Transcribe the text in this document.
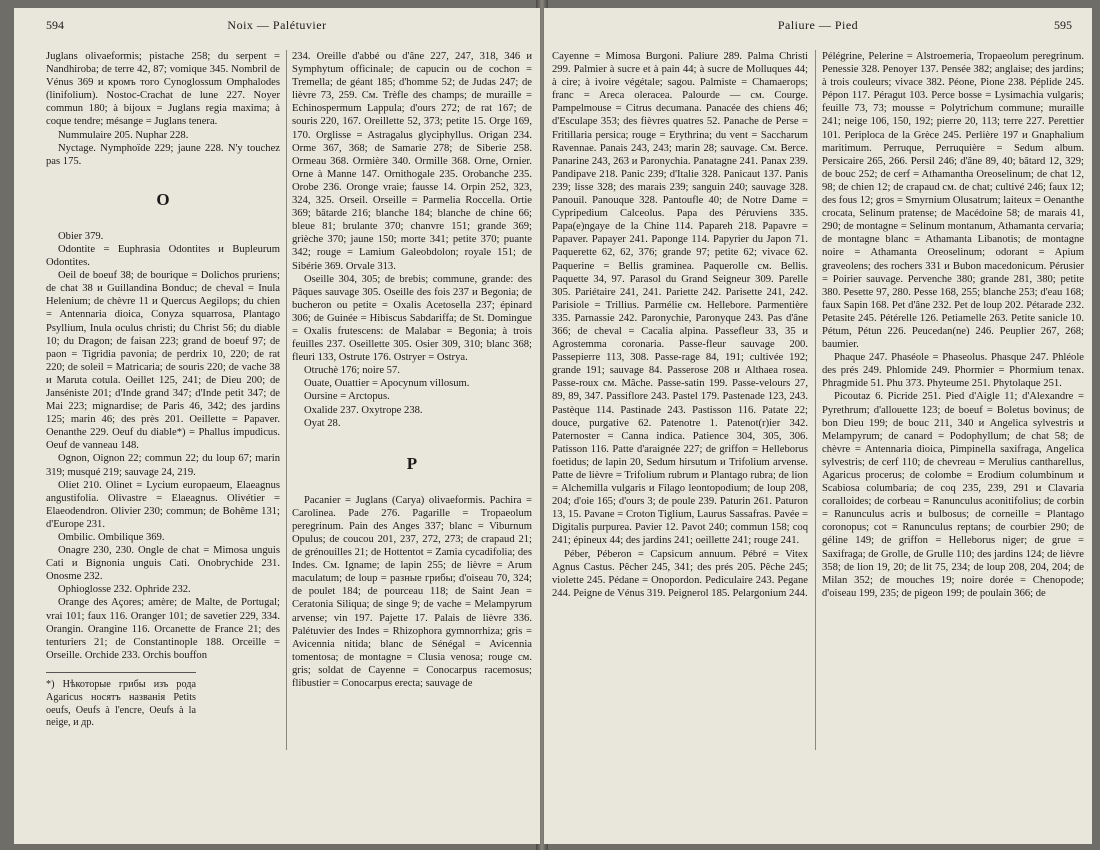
594	Noix — Palétuvier

Juglans olivaeformis; pistache 258; du serpent = Nandhiroba; de terre 42, 87; vomique 345. Nombril de Vénus 369 и кромъ того Cynoglossum Omphalodes (linifolium). Nostoc-Crachat de lune 227. Noyer commun 180; à bijoux = Juglans regia maxima; à coque tendre; mésange = Juglans tenera.

Nummulaire 205. Nuphar 228.

Nyctage. Nymphoïde 229; jaune 228. N'y touchez pas 175.

O

Obier 379.

Odontite = Euphrasia Odontites и Bupleurum Odontites.

Oeil de boeuf 38; de bourique = Dolichos pruriens; de chat 38 и Guillandina Bonduc; de cheval = Inula Helenium; de chèvre 11 и Quercus Aegilops; du chien = Antennaria dioica, Conyza squarrosa, Plantago Psyllium, Inula oculus christi; du Christ 56; du diable 10; du Dragon; de faisan 223; grand de boeuf 97; de paon = Tigridia pavonia; de perdrix 10, 220; de rat 220; de soleil = Matricaria; de souris 220; de vache 38 и Maruta cotula. Oeillet 125, 241; de Dieu 200; de Janséniste 201; d'Inde grand 347; d'Inde petit 347; de Mai 223; mignardise; de Paris 46, 342; des jardins 125; marin 46; des près 201. Oeillette = Papaver. Oenanthe 229. Oeuf du diable*) = Phallus impudicus. Oeuf de vanneau 148.

Ognon, Oignon 22; commun 22; du loup 67; marin 319; musqué 219; sauvage 24, 219.

Oliet 210. Olinet = Lycium europaeum, Elaeagnus angustifolia. Olivastre = Elaeagnus. Olivétier = Elaeodendron. Olivier 230; commun; de Bohême 131; d'Europe 231.

Ombilic. Ombilique 369.

Onagre 230, 230. Ongle de chat = Mimosa unguis Cati и Bignonia unguis Cati. Onobrychide 231. Onosme 232.

Ophioglosse 232. Ophride 232.

Orange des Açores; amère; de Malte, de Portugal; vrai 101; faux 116. Oranger 101; de savetier 229, 334. Orangin. Orangine 116. Orcanette de France 21; des tenturiers 21; de Constantinople 188. Orceille = Orseille. Orchide 233. Orchis bouffon

*) Нѣкоторые грибы изъ рода Agaricus носятъ названія Petits oeufs, Oeufs à l'encre, Oeufs à la neige, и др.

234. Oreille d'abbé ou d'âne 227, 247, 318, 346 и Symphytum officinale; de capucin ou de cochon = Tremella; de géant 185; d'homme 52; de Judas 247; de lièvre 73, 259. См. Trèfle des champs; de muraille = Echinospermum Lappula; d'ours 272; de rat 167; de souris 220, 167. Oreillette 52, 373; petite 15. Orge 169, 170. Orglisse = Astragalus glyciphyllus. Origan 234. Orme 367, 368; de Samarie 278; de Siberie 258. Ormeau 368. Ormière 340. Ormille 368. Orne, Ornier. Orne à Manne 147. Ornithogale 235. Orobanche 235. Orobe 236. Oronge vraie; fausse 14. Orpin 252, 323, 324, 325. Orseil. Orseille = Parmelia Roccella. Ortie 369; bâtarde 216; blanche 184; blanche de chine 66; bleue 81; brulante 370; chanvre 151; grande 369; grièche 370; jaune 150; morte 341; petite 370; puante 342; rouge = Lamium Galeobdolon; royale 151; de Sibérie 369. Orvale 313.

Oseille 304, 305; de brebis; commune, grande: des Pâques sauvage 305. Oseille des fois 237 и Begonia; de bucheron ou petite = Oxalis Acetosella 237; épinard 306; de Guinée = Hibiscus Sabdariffa; de St. Domingue = Oxalis frutescens: de Malabar = Begonia; à trois feuilles 237. Oseillette 305. Osier 309, 310; blanc 368; fleuri 133, Ostrute 176. Ostryer = Ostrya.

Otruchè 176; noire 57.

Ouate, Ouattier = Apocynum villosum.

Oursine = Arctopus.

Oxalide 237. Oxytrope 238.

Oyat 28.

P

Pacanier = Juglans (Carya) olivaeformis. Pachira = Carolinea. Pade 276. Pagarille = Tropaeolum peregrinum. Pain des Anges 337; blanc = Viburnum Opulus; de coucou 201, 237, 272, 273; de crapaud 21; de grénouilles 21; de Hottentot = Zamia cycadifolia; des Indes. См. Igname; de lapin 255; de lièvre = Arum maculatum; de loup = разные грибы; d'oiseau 70, 324; de poulet 184; de pourceau 118; de Saint Jean = Ceratonia Siliqua; de singe 9; de vache = Melampyrum arvense; vin 197. Pajette 17. Palais de lièvre 336. Palétuvier des Indes = Rhizophora gymnorrhiza; gris = Avicennia nitida; blanc de Sénégal = Avicennia tomentosa; de montagne = Clusia venosa; rouge см. gris; soldat de Cayenne = Conocarpus racemosus; flibustier = Conocarpus erecta; sauvage de

Paliure — Pied	595

Cayenne = Mimosa Burgoni. Paliure 289. Palma Christi 299. Palmier à sucre et à pain 44; à sucre de Molluques 44; à cire; à ivoire végétale; sagou. Palmiste = Chamaerops; franc = Areca oleracea. Palourde — см. Courge. Pampelmouse = Citrus decumana. Panacée des chiens 46; d'Esculape 353; des fièvres quatres 52. Panache de Perse = Fritillaria persica; rouge = Erythrina; du vent = Saccharum Ravennae. Panais 243, 243; marin 28; sauvage. См. Berce. Panarine 243, 263 и Paronychia. Panatagne 241. Panax 239. Pandipave 218. Panic 239; d'Italie 328. Panicaut 137. Panis 239; lisse 328; des marais 239; sanguin 240; sauvage 328. Panouil. Panouque 328. Pantoufle 40; de Notre Dame = Cypripedium Calceolus. Papa des Péruviens 335. Papa(e)ngaye de la Chine 114. Papareh 218. Papavre = Papaver. Papayer 241. Paponge 114. Papyrier du Japon 71. Paquerette 62, 62, 376; grande 97; petite 62; vivace 62. Paquerine = Bellis graminea. Paquerolle см. Bellis. Paquette 34, 97. Parasol du Grand Seigneur 309. Parelle 305. Pariétaire 241, 241. Pariette 242. Parisette 241, 242. Parisiole = Trillius. Parmélie см. Hellebore. Parmentière 335. Parnassie 242. Paronychie, Paronyque 243. Pas d'âne 366; de cheval = Cacalia alpina. Passefleur 33, 35 и Agrostemma coronaria. Passe-fleur sauvage 200. Passepierre 113, 308. Passe-rage 84, 191; cultivée 192; grande 191; sauvage 84. Passerose 208 и Althaea rosea. Passe-roux см. Mâche. Passe-satin 199. Passe-velours 27, 89, 89, 347. Passiflore 243. Pastel 179. Pastenade 123, 243. Pastèque 114. Pastinade 243. Pastisson 116. Patate 22; douce, purgative 62. Patenotre 1. Patenot(r)ier 342. Paternoster = Canna indica. Patience 304, 305, 306. Patisson 116. Patte d'araignée 227; de griffon = Helleborus foetidus; de lapin 20, Sedum hirsutum и Trifolium arvense. Patte de lièvre = Trifolium rubrum и Plantago rubra; de lion = Alchemilla vulgaris и Filago leontopodium; de loup 208, 204; d'oie 165; d'ours 3; de poule 239. Paturin 261. Paturon 13, 15. Pavane = Croton Tiglium, Laurus Sassafras. Pavée = Digitalis purpurea. Pavier 12. Pavot 240; commun 158; coq 241; épineux 44; des jardins 241; oeillette 241; rouge 241.

Péber, Péberon = Capsicum annuum. Pébré = Vitex Agnus Castus. Pêcher 245, 341; des prés 205. Pêche 245; violette 245. Pédane = Onopordon. Pediculaire 243. Pegane 244. Peigne de Vénus 319. Peignerol 185. Pelargonium 244.

Pélégrine, Pelerine = Alstroemeria, Tropaeolum peregrinum. Penessie 328. Penoyer 137. Pensée 382; anglaise; des jardins; à trois couleurs; vivace 382. Péone, Pione 238. Péplide 245. Pépon 117. Péragut 103. Perce bosse = Lysimachia vulgaris; feuille 73, 73; mousse = Polytrichum commune; muraille 241; neige 106, 150, 192; pierre 20, 113; terre 227. Perettier 101. Periploca de la Grèce 245. Perlière 197 и Gnaphalium maritimum. Perruque, Perruquière = Sedum album. Persicaire 265, 266. Persil 246; d'âne 89, 40; bâtard 12, 329; de bouc 252; de cerf = Athamantha Oreoselinum; de chat 12, 98; de chien 12; de crapaud см. de chat; cultivé 246; faux 12; des fous 12; gros = Smyrnium Olusatrum; laiteux = Oenanthe crocata, Selinum pratense; de Macédoine 58; de marais 41, 290; de montagne = Selinum montanum, Athamanta cervaria; de montagne blanc = Athamanta Libanotis; de montagne noire = Athamanta Oreoselinum; odorant = Apium graveolens; des rochers 331 и Bubon macedonicum. Pérusier = Poirier sauvage. Pervenche 380; grande 281, 380; petite 380. Pesette 97, 280. Pesse 168, 255; blanche 253; d'eau 168; faux Sapin 168. Pet d'âne 232. Pet de loup 202. Pétarade 232. Petasite 245. Pétérelle 126. Petiamelle 263. Petite sanicle 10. Pétum, Pétun 226. Peucedan(ne) 246. Peuplier 267, 268; baumier.

Phaque 247. Phaséole = Phaseolus. Phasque 247. Phléole des prés 249. Phlomide 249. Phormier = Phormium tenax. Phragmide 51. Phu 373. Phyteume 251. Phytolaque 251.

Picoutaz 6. Picride 251. Pied d'Aigle 11; d'Alexandre = Pyrethrum; d'allouette 123; de boeuf = Boletus bovinus; de bon Dieu 199; de bouc 211, 340 и Angelica sylvestris и Melampyrum; de canard = Podophyllum; de chat 58; de chèvre = Antennaria dioica, Pimpinella saxifraga, Angelica sylvestris; de cerf 110; de chevreau = Merulius cantharellus, Agaricus procerus; de colombe = Erodium columbinum и Scabiosa columbaria; de coq 235, 239, 291 и Clavaria coralloides; de corbeau = Ranunculus aconitifolius; de corbin = Ranunculus acris и bulbosus; de corneille = Plantago coronopus; cot = Ranunculus reptans; de courbier 290; de géline 149; de griffon = Helleborus niger; de grue = Saxifraga; de Grolle, de Grulle 110; des jardins 124; de lièvre 358; de lion 19, 20; de lit 75, 234; de loup 208, 204, 204; de Milan 352; de mouches 19; noire dorée = Chenopode; d'oiseau 199, 235; de pigeon 199; de poulain 366; de
